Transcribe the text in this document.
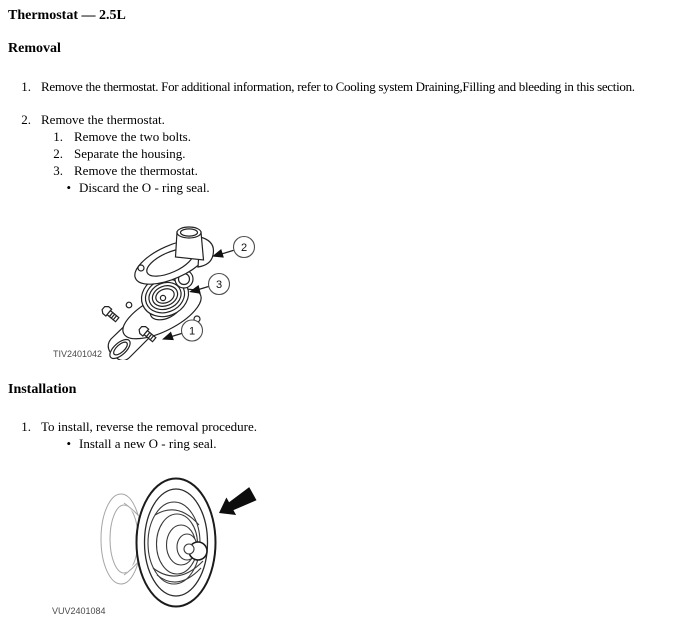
Thermostat — 2.5L
Removal
1. Remove the thermostat. For additional information, refer to Cooling system Draining,Filling and bleeding in this section.
2. Remove the thermostat.
1. Remove the two bolts.
2. Separate the housing.
3. Remove the thermostat.
• Discard the O - ring seal.
2
3
1
TIV2401042
Installation
1. To install, reverse the removal procedure.
• Install a new O - ring seal.
VUV2401084
